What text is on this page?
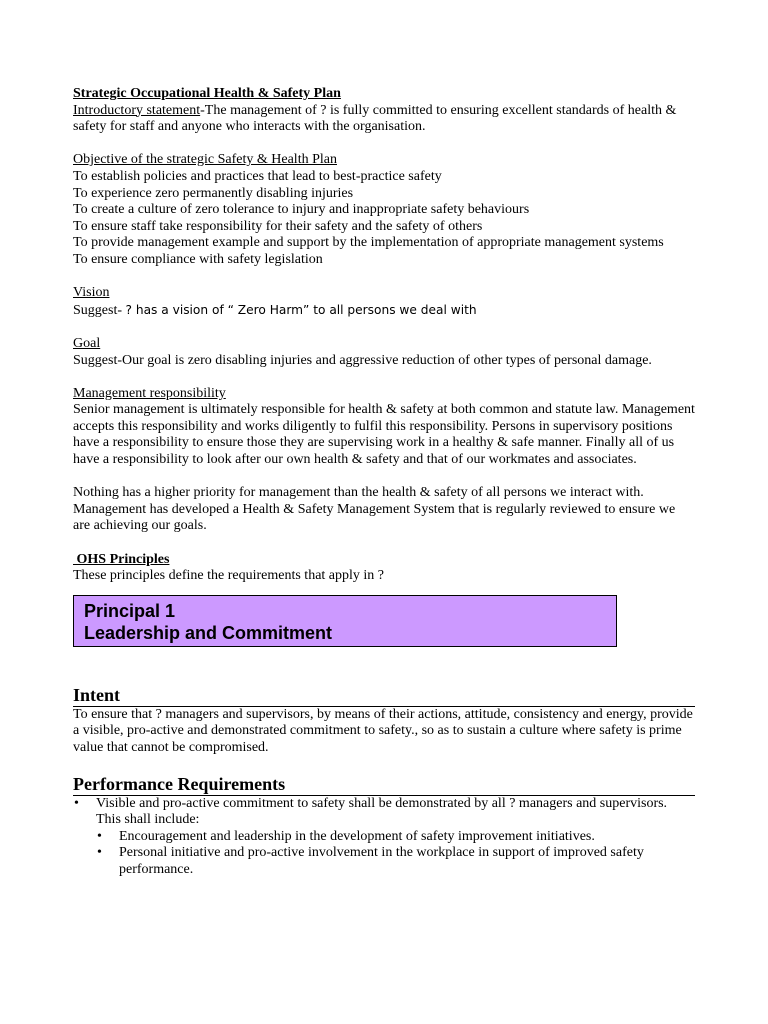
Strategic Occupational Health & Safety Plan

Introductory statement-The management of ? is fully committed to ensuring excellent standards of health & safety for staff and anyone who interacts with the organisation.

Objective of the strategic Safety & Health Plan

To establish policies and practices that lead to best-practice safety

To experience zero permanently disabling injuries

To create a culture of zero tolerance to injury and inappropriate safety behaviours

To ensure staff take responsibility for their safety and the safety of others

To provide management example and support by the implementation of appropriate management systems

To ensure compliance with safety legislation

Vision

Suggest- ? has a vision of “ Zero Harm” to all persons we deal with

Goal

Suggest-Our goal is zero disabling injuries and aggressive reduction of other types of personal damage.

Management responsibility

Senior management is ultimately responsible for health & safety at both common and statute law. Management accepts this responsibility and works diligently to fulfil this responsibility. Persons in supervisory positions have a responsibility to ensure those they are supervising work in a healthy & safe manner. Finally all of us have a responsibility to look after our own health & safety and that of our workmates and associates.

Nothing has a higher priority for management than the health & safety of all persons we interact with. Management has developed a Health & Safety Management System that is regularly reviewed to ensure we are achieving our goals.

OHS Principles

These principles define the requirements that apply in ?

Principal 1
Leadership and Commitment
Intent

To ensure that ? managers and supervisors, by means of their actions, attitude, consistency and energy, provide a visible, pro-active and demonstrated commitment to safety., so as to sustain a culture where safety is prime value that cannot be compromised.

Performance Requirements
• Visible and pro-active commitment to safety shall be demonstrated by all ? managers and supervisors. This shall include:
• Encouragement and leadership in the development of safety improvement initiatives.
• Personal initiative and pro-active involvement in the workplace in support of improved safety performance.
